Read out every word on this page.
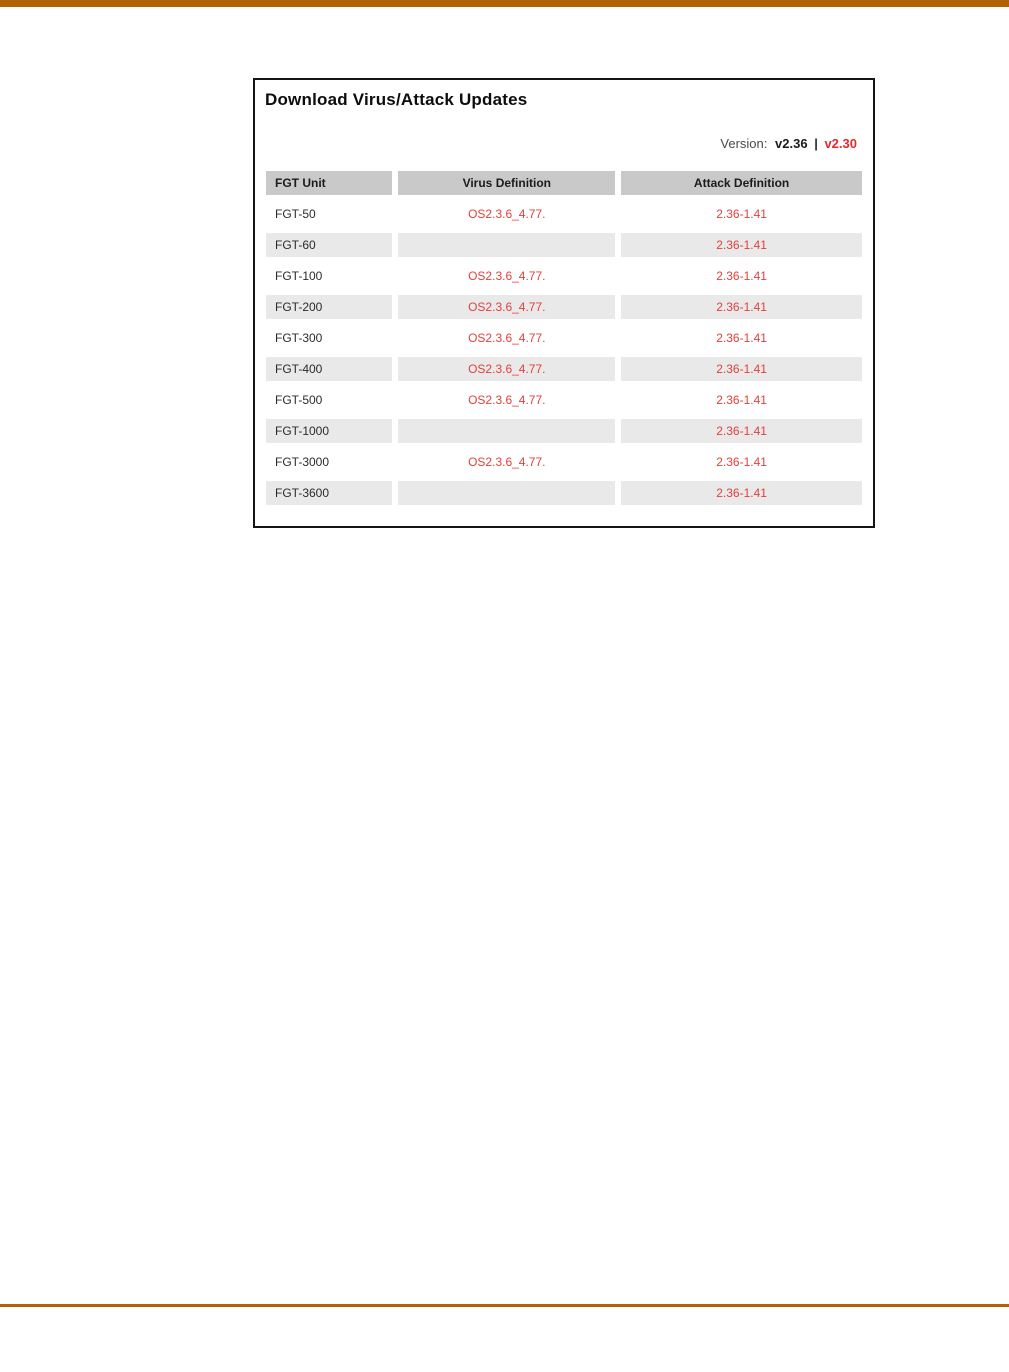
Download Virus/Attack Updates
Version: v2.36 | v2.30
FGT Unit	Virus Definition	Attack Definition
FGT-50	OS2.3.6_4.77.	2.36-1.41
FGT-60		2.36-1.41
FGT-100	OS2.3.6_4.77.	2.36-1.41
FGT-200	OS2.3.6_4.77.	2.36-1.41
FGT-300	OS2.3.6_4.77.	2.36-1.41
FGT-400	OS2.3.6_4.77.	2.36-1.41
FGT-500	OS2.3.6_4.77.	2.36-1.41
FGT-1000		2.36-1.41
FGT-3000	OS2.3.6_4.77.	2.36-1.41
FGT-3600		2.36-1.41
